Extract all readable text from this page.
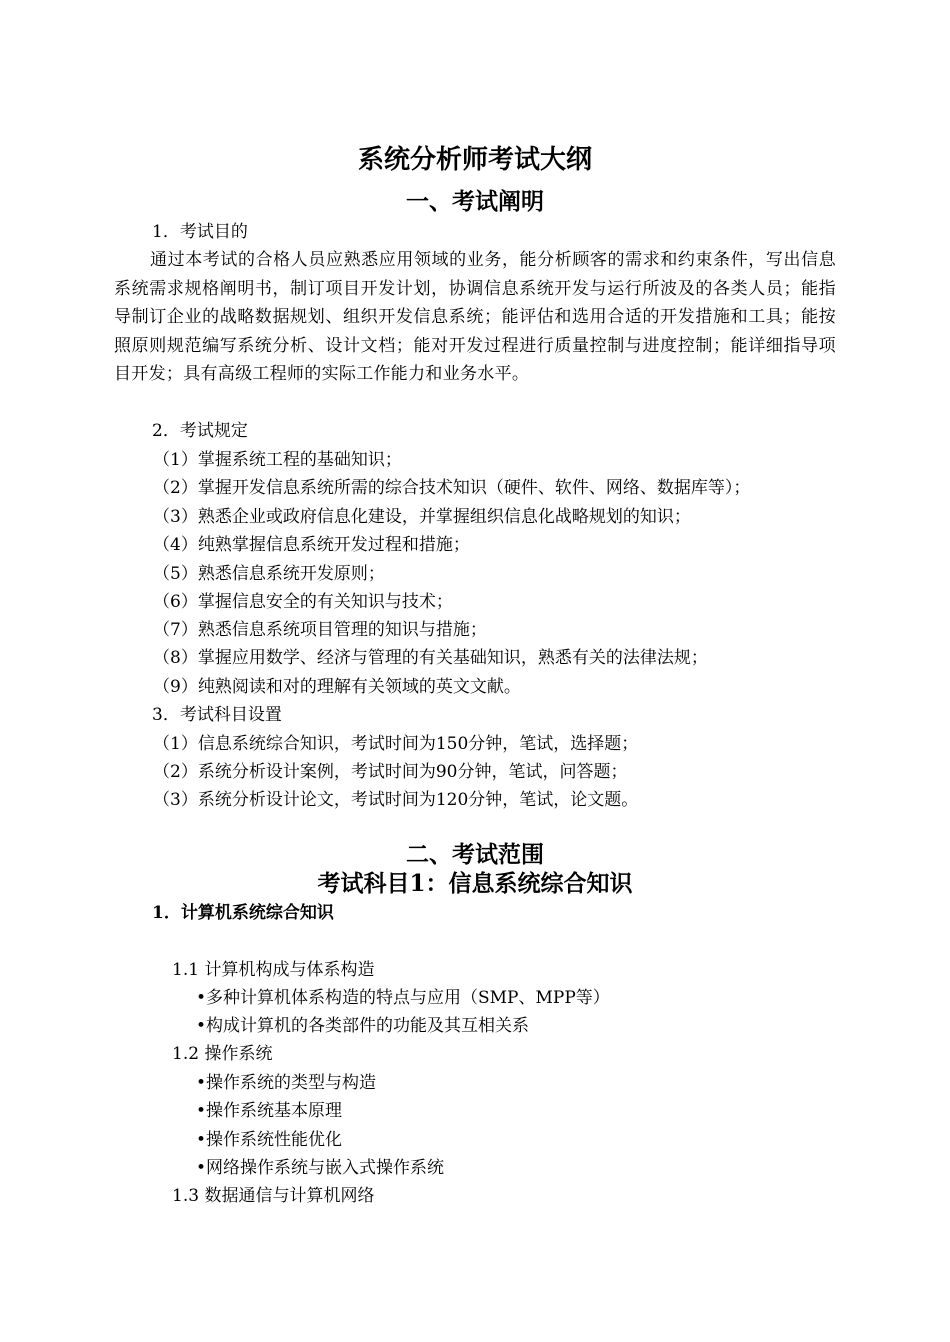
系统分析师考试大纲
一、考试阐明
1．考试目的
通过本考试的合格人员应熟悉应用领域的业务，能分析顾客的需求和约束条件，写出信息系统需求规格阐明书，制订项目开发计划，协调信息系统开发与运行所波及的各类人员；能指导制订企业的战略数据规划、组织开发信息系统；能评估和选用合适的开发措施和工具；能按照原则规范编写系统分析、设计文档；能对开发过程进行质量控制与进度控制；能详细指导项目开发；具有高级工程师的实际工作能力和业务水平。
2．考试规定
（1）掌握系统工程的基础知识；
（2）掌握开发信息系统所需的综合技术知识（硬件、软件、网络、数据库等）；
（3）熟悉企业或政府信息化建设，并掌握组织信息化战略规划的知识；
（4）纯熟掌握信息系统开发过程和措施；
（5）熟悉信息系统开发原则；
（6）掌握信息安全的有关知识与技术；
（7）熟悉信息系统项目管理的知识与措施；
（8）掌握应用数学、经济与管理的有关基础知识，熟悉有关的法律法规；
（9）纯熟阅读和对的理解有关领域的英文文献。
3．考试科目设置
（1）信息系统综合知识，考试时间为150分钟，笔试，选择题；
（2）系统分析设计案例，考试时间为90分钟，笔试，问答题；
（3）系统分析设计论文，考试时间为120分钟，笔试，论文题。
二、考试范围
考试科目1：信息系统综合知识
1．计算机系统综合知识
1.1 计算机构成与体系构造
•多种计算机体系构造的特点与应用（SMP、MPP等）
•构成计算机的各类部件的功能及其互相关系
1.2 操作系统
•操作系统的类型与构造
•操作系统基本原理
•操作系统性能优化
•网络操作系统与嵌入式操作系统
1.3 数据通信与计算机网络
